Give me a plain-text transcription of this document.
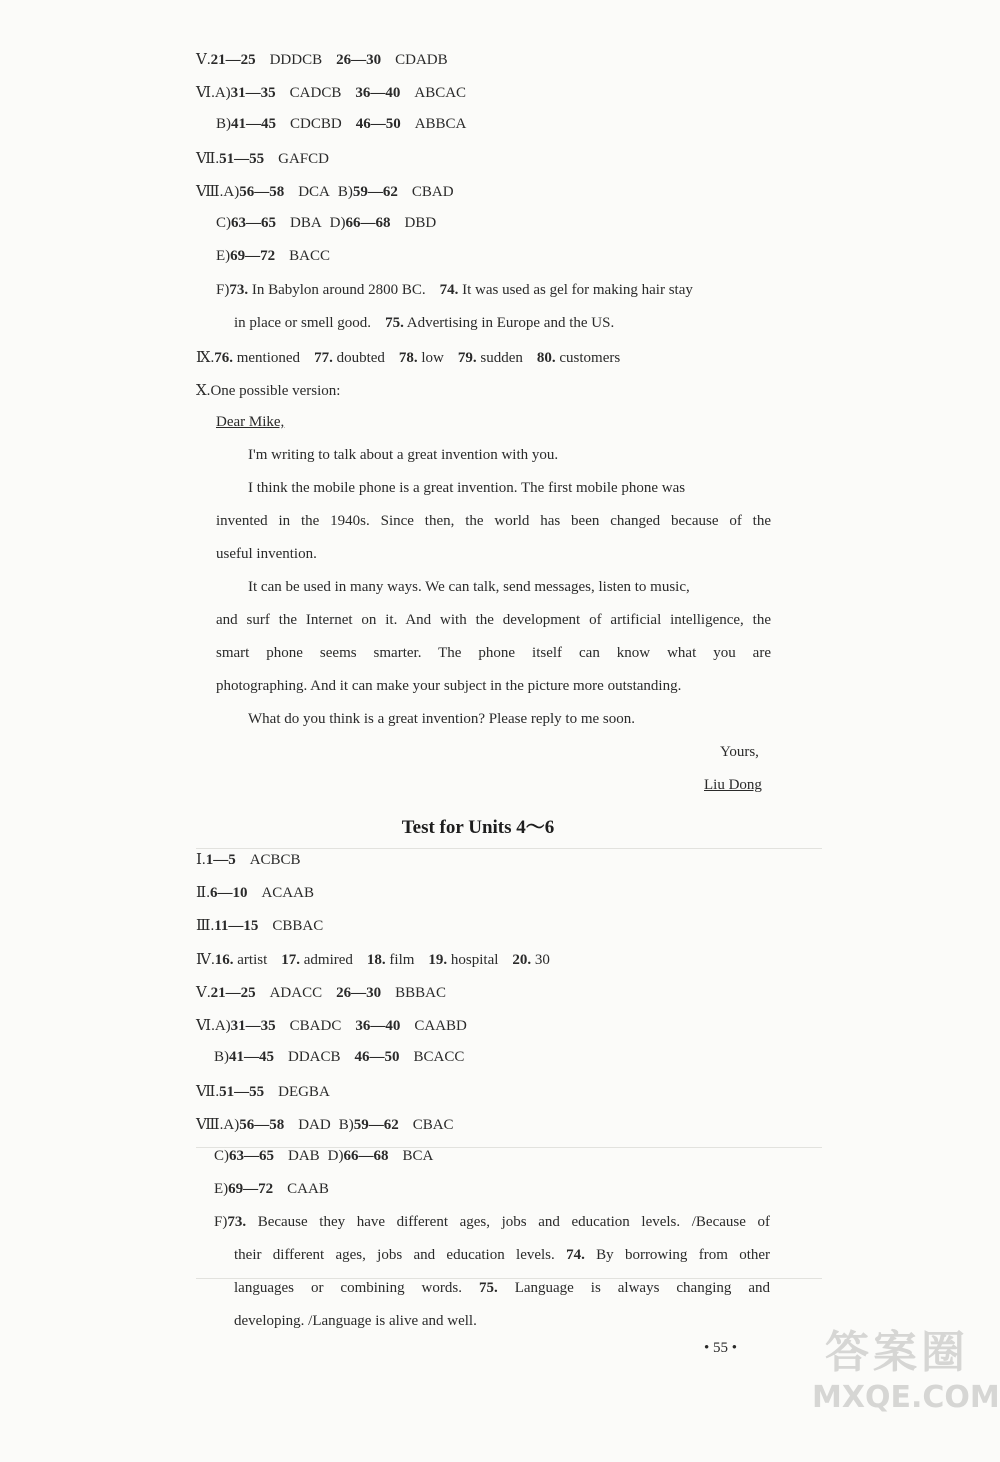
Ⅴ.21—25 DDDCB 26—30 CDADB
Ⅵ.A)31—35 CADCB 36—40 ABCAC
B)41—45 CDCBD 46—50 ABBCA
Ⅶ.51—55 GAFCD
Ⅷ.A)56—58 DCA B)59—62 CBAD
C)63—65 DBA D)66—68 DBD
E)69—72 BACC
F)73. In Babylon around 2800 BC. 74. It was used as gel for making hair stay
in place or smell good. 75. Advertising in Europe and the US.
Ⅸ.76. mentioned 77. doubted 78. low 79. sudden 80. customers
Ⅹ.One possible version:
Dear Mike,
I'm writing to talk about a great invention with you.
I think the mobile phone is a great invention. The first mobile phone was
invented in the 1940s. Since then, the world has been changed because of the
useful invention.
It can be used in many ways. We can talk, send messages, listen to music,
and surf the Internet on it. And with the development of artificial intelligence, the
smart phone seems smarter. The phone itself can know what you are
photographing. And it can make your subject in the picture more outstanding.
What do you think is a great invention? Please reply to me soon.
Yours,
Liu Dong
Test for Units 4～6
Ⅰ.1—5 ACBCB
Ⅱ.6—10 ACAAB
Ⅲ.11—15 CBBAC
Ⅳ.16. artist 17. admired 18. film 19. hospital 20. 30
Ⅴ.21—25 ADACC 26—30 BBBAC
Ⅵ.A)31—35 CBADC 36—40 CAABD
B)41—45 DDACB 46—50 BCACC
Ⅶ.51—55 DEGBA
Ⅷ.A)56—58 DAD B)59—62 CBAC
C)63—65 DAB D)66—68 BCA
E)69—72 CAAB
F)73. Because they have different ages, jobs and education levels. /Because of
their different ages, jobs and education levels. 74. By borrowing from other
languages or combining words. 75. Language is always changing and
developing. /Language is alive and well.
• 55 • 答案圈
MXQE.COM
